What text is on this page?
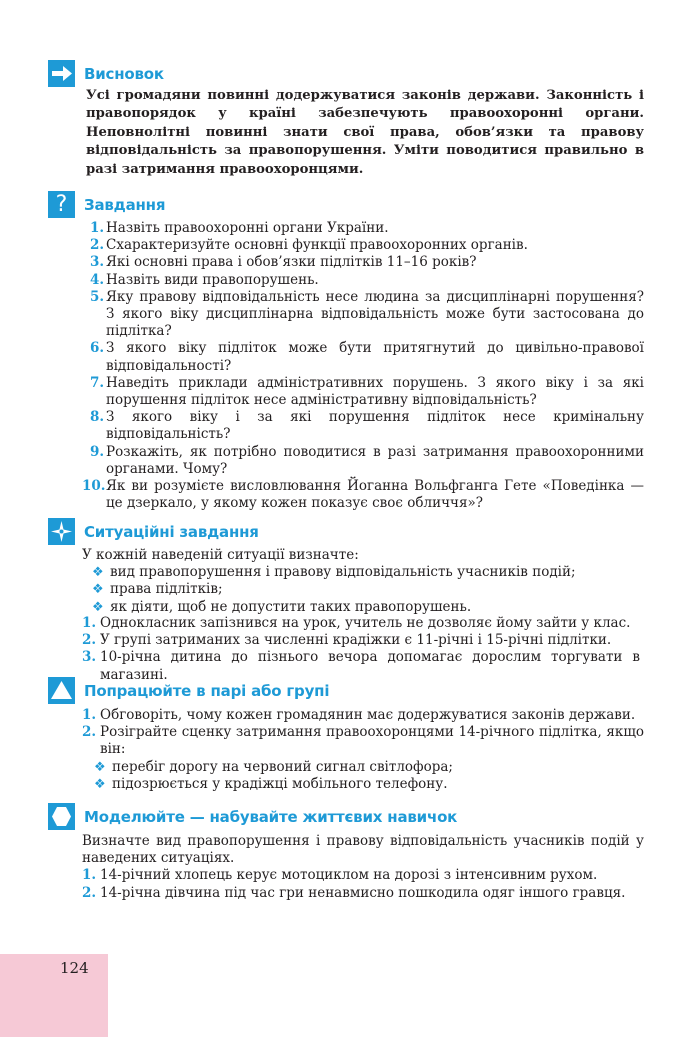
Висновок

Усі громадяни повинні додержуватися законів держави. Законність і правопорядок у країні забезпечують правоохоронні органи. Неповнолітні повинні знати свої права, обов’язки та правову відповідальність за правопорушення. Уміти поводитися правильно в разі затримання правоохоронцями.

? Завдання
1. Назвіть правоохоронні органи України.
2. Схарактеризуйте основні функції правоохоронних органів.
3. Які основні права і обов’язки підлітків 11–16 років?
4. Назвіть види правопорушень.
5. Яку правову відповідальність несе людина за дисциплінарні порушення? З якого віку дисциплінарна відповідальність може бути застосована до підлітка?
6. З якого віку підліток може бути притягнутий до цивільно-правової відповідальності?
7. Наведіть приклади адміністративних порушень. З якого віку і за які порушення підліток несе адміністративну відповідальність?
8. З якого віку і за які порушення підліток несе кримінальну відповідальність?
9. Розкажіть, як потрібно поводитися в разі затримання правоохоронними органами. Чому?
10. Як ви розумієте висловлювання Йоганна Вольфганга Гете «Поведінка — це дзеркало, у якому кожен показує своє обличчя»?
Ситуаційні завдання
У кожній наведеній ситуації визначте:
❖ вид правопорушення і правову відповідальність учасників подій;
❖ права підлітків;
❖ як діяти, щоб не допустити таких правопорушень.
1. Однокласник запізнився на урок, учитель не дозволяє йому зайти у клас.
2. У групі затриманих за численні крадіжки є 11-річні і 15-річні підлітки.
3. 10-річна дитина до пізнього вечора допомагає дорослим торгувати в магазині.
Попрацюйте в парі або групі
1. Обговоріть, чому кожен громадянин має додержуватися законів держави.
2. Розіграйте сценку затримання правоохоронцями 14-річного підлітка, якщо він:
❖ перебіг дорогу на червоний сигнал світлофора;
❖ підозрюється у крадіжці мобільного телефону.
Моделюйте — набувайте життєвих навичок

Визначте вид правопорушення і правову відповідальність учасників подій у наведених ситуаціях.

1. 14-річний хлопець керує мотоциклом на дорозі з інтенсивним рухом.
2. 14-річна дівчина під час гри ненавмисно пошкодила одяг іншого гравця.
124
